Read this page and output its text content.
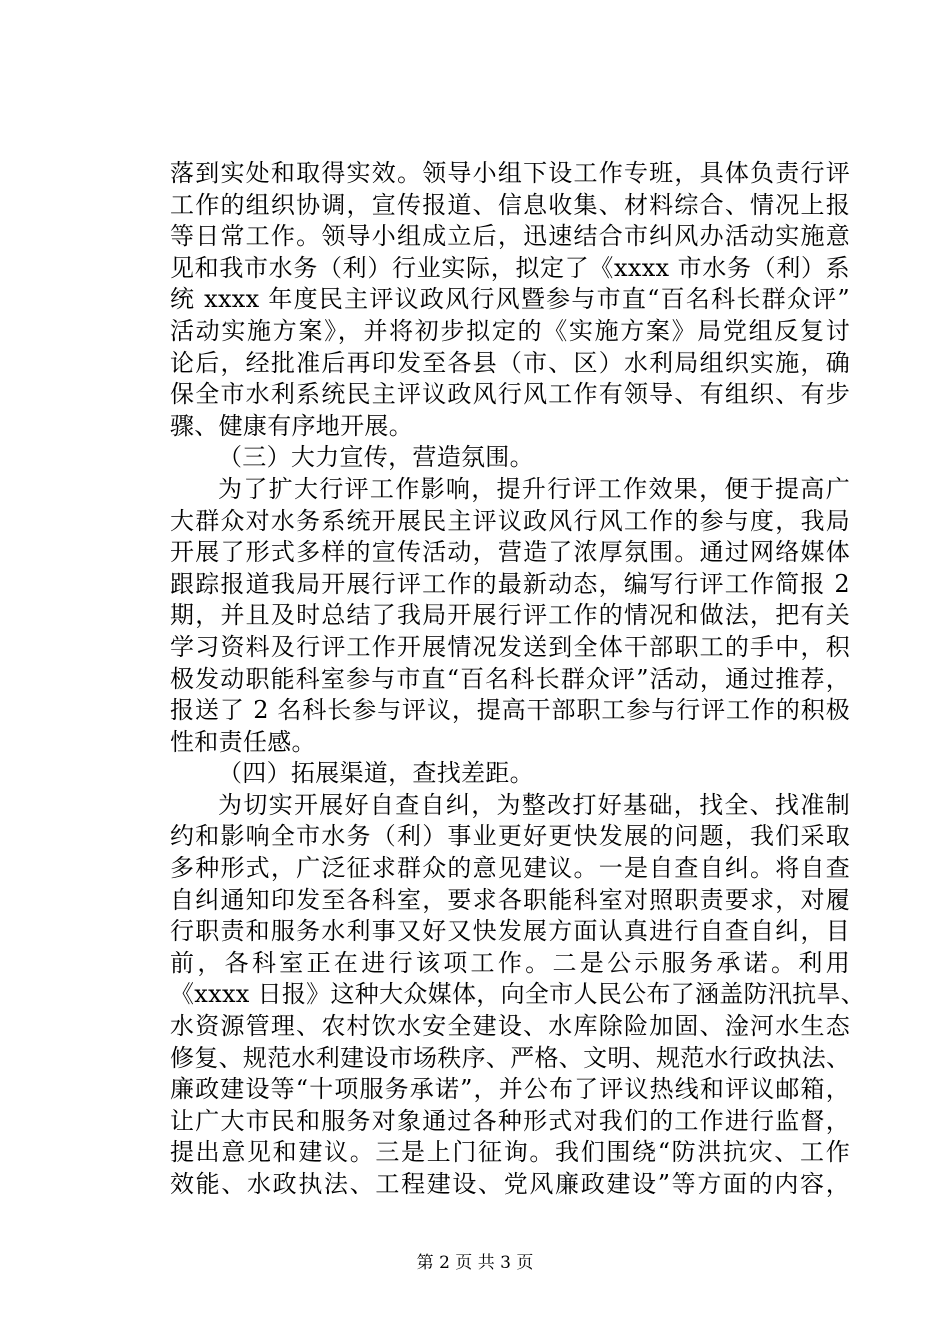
落到实处和取得实效。领导小组下设工作专班，具体负责行评
工作的组织协调，宣传报道、信息收集、材料综合、情况上报
等日常工作。领导小组成立后，迅速结合市纠风办活动实施意
见和我市水务（利）行业实际，拟定了《xxxx 市水务（利）系
统 xxxx 年度民主评议政风行风暨参与市直“百名科长群众评”
活动实施方案》，并将初步拟定的《实施方案》局党组反复讨
论后，经批准后再印发至各县（市、区）水利局组织实施，确
保全市水利系统民主评议政风行风工作有领导、有组织、有步
骤、健康有序地开展。
（三）大力宣传，营造氛围。
为了扩大行评工作影响，提升行评工作效果，便于提高广
大群众对水务系统开展民主评议政风行风工作的参与度，我局
开展了形式多样的宣传活动，营造了浓厚氛围。通过网络媒体
跟踪报道我局开展行评工作的最新动态，编写行评工作简报 2
期，并且及时总结了我局开展行评工作的情况和做法，把有关
学习资料及行评工作开展情况发送到全体干部职工的手中，积
极发动职能科室参与市直“百名科长群众评”活动，通过推荐，
报送了 2 名科长参与评议，提高干部职工参与行评工作的积极
性和责任感。
（四）拓展渠道，查找差距。
为切实开展好自查自纠，为整改打好基础，找全、找准制
约和影响全市水务（利）事业更好更快发展的问题，我们采取
多种形式，广泛征求群众的意见建议。一是自查自纠。将自查
自纠通知印发至各科室，要求各职能科室对照职责要求，对履
行职责和服务水利事又好又快发展方面认真进行自查自纠，目
前，各科室正在进行该项工作。二是公示服务承诺。利用
《xxxx 日报》这种大众媒体，向全市人民公布了涵盖防汛抗旱、
水资源管理、农村饮水安全建设、水库除险加固、淦河水生态
修复、规范水利建设市场秩序、严格、文明、规范水行政执法、
廉政建设等“十项服务承诺”，并公布了评议热线和评议邮箱，
让广大市民和服务对象通过各种形式对我们的工作进行监督，
提出意见和建议。三是上门征询。我们围绕“防洪抗灾、工作
效能、水政执法、工程建设、党风廉政建设”等方面的内容，
第 2 页 共 3 页
